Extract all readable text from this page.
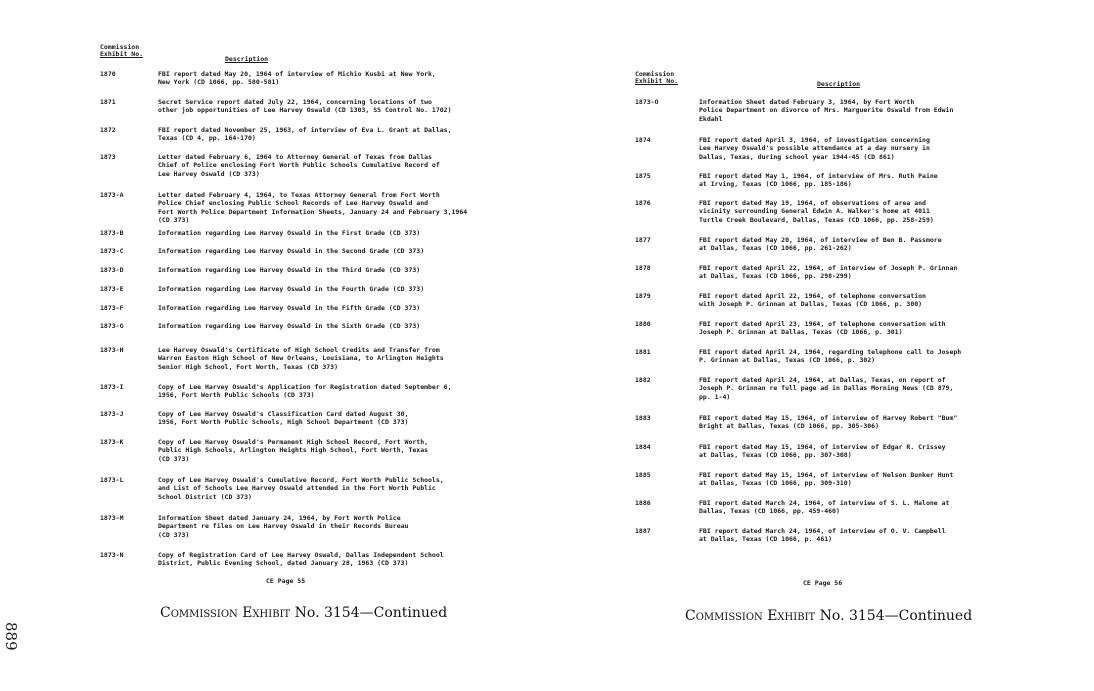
Commission
Exhibit No.
Description
1870	FBI report dated May 20, 1964 of interview of Michio Kusbi at New York,
New York (CD 1066, pp. 580-581)
1871	Secret Service report dated July 22, 1964, concerning locations of two
other job opportunities of Lee Harvey Oswald (CD 1303, SS Control No. 1702)
1872	FBI report dated November 25, 1963, of interview of Eva L. Grant at Dallas,
Texas (CD 4, pp. 164-170)
1873	Letter dated February 6, 1964 to Attorney General of Texas from Dallas
Chief of Police enclosing Fort Worth Public Schools Cumulative Record of
Lee Harvey Oswald (CD 373)
1873-A	Letter dated February 4, 1964, to Texas Attorney General from Fort Worth
Police Chief enclosing Public School Records of Lee Harvey Oswald and
Fort Worth Police Department Information Sheets, January 24 and February 3,1964
(CD 373)
1873-B	Information regarding Lee Harvey Oswald in the First Grade (CD 373)
1873-C	Information regarding Lee Harvey Oswald in the Second Grade (CD 373)
1873-D	Information regarding Lee Harvey Oswald in the Third Grade (CD 373)
1873-E	Information regarding Lee Harvey Oswald in the Fourth Grade (CD 373)
1873-F	Information regarding Lee Harvey Oswald in the Fifth Grade (CD 373)
1873-G	Information regarding Lee Harvey Oswald in the Sixth Grade (CD 373)
1873-H	Lee Harvey Oswald's Certificate of High School Credits and Transfer from
Warren Easton High School of New Orleans, Louisiana, to Arlington Heights
Senior High School, Fort Worth, Texas (CD 373)
1873-I	Copy of Lee Harvey Oswald's Application for Registration dated September 6,
1956, Fort Worth Public Schools (CD 373)
1873-J	Copy of Lee Harvey Oswald's Classification Card dated August 30,
1956, Fort Worth Public Schools, High School Department (CD 373)
1873-K	Copy of Lee Harvey Oswald's Permanent High School Record, Fort Worth,
Public High Schools, Arlington Heights High School, Fort Worth, Texas
(CD 373)
1873-L	Copy of Lee Harvey Oswald's Cumulative Record, Fort Worth Public Schools,
and List of Schools Lee Harvey Oswald attended in the Fort Worth Public
School District (CD 373)
1873-M	Information Sheet dated January 24, 1964, by Fort Worth Police
Department re files on Lee Harvey Oswald in their Records Bureau
(CD 373)
1873-N	Copy of Registration Card of Lee Harvey Oswald, Dallas Independent School
District, Public Evening School, dated January 28, 1963 (CD 373)
CE Page 55
Commission Exhibit No. 3154—Continued
Commission
Exhibit No.	Description
1873-O	Information Sheet dated February 3, 1964, by Fort Worth
Police Department on divorce of Mrs. Marguerite Oswald from Edwin
Ekdahl
1874	FBI report dated April 3, 1964, of investigation concerning
Lee Harvey Oswald's possible attendance at a day nursery in
Dallas, Texas, during school year 1944-45 (CD 861)
1875	FBI report dated May 1, 1964, of interview of Mrs. Ruth Paine
at Irving, Texas (CD 1066, pp. 185-186)
1876	FBI report dated May 19, 1964, of observations of area and
vicinity surrounding General Edwin A. Walker's home at 4011
Turtle Creek Boulevard, Dallas, Texas (CD 1066, pp. 258-259)
1877	FBI report dated May 20, 1964, of interview of Ben B. Passmore
at Dallas, Texas (CD 1066, pp. 261-262)
1878	FBI report dated April 22, 1964, of interview of Joseph P. Grinnan
at Dallas, Texas (CD 1066, pp. 298-299)
1879	FBI report dated April 22, 1964, of telephone conversation
with Joseph P. Grinnan at Dallas, Texas (CD 1066, p. 300)
1880	FBI report dated April 23, 1964, of telephone conversation with
Joseph P. Grinnan at Dallas, Texas (CD 1066, p. 301)
1881	FBI report dated April 24, 1964, regarding telephone call to Joseph
P. Grinnan at Dallas, Texas (CD 1066, p. 302)
1882	FBI report dated April 24, 1964, at Dallas, Texas, on report of
Joseph P. Grinnan re full page ad in Dallas Morning News (CD 879,
pp. 1-4)
1883	FBI report dated May 15, 1964, of interview of Harvey Robert "Bum"
Bright at Dallas, Texas (CD 1066, pp. 305-306)
1884	FBI report dated May 15, 1964, of interview of Edgar R. Crissey
at Dallas, Texas (CD 1066, pp. 307-308)
1885	FBI report dated May 15, 1964, of interview of Nelson Bunker Hunt
at Dallas, Texas (CD 1066, pp. 309-310)
1886	FBI report dated March 24, 1964, of interview of S. L. Malone at
Dallas, Texas (CD 1066, pp. 459-460)
1887	FBI report dated March 24, 1964, of interview of O. V. Campbell
at Dallas, Texas (CD 1066, p. 461)
CE Page 56
Commission Exhibit No. 3154—Continued
889
